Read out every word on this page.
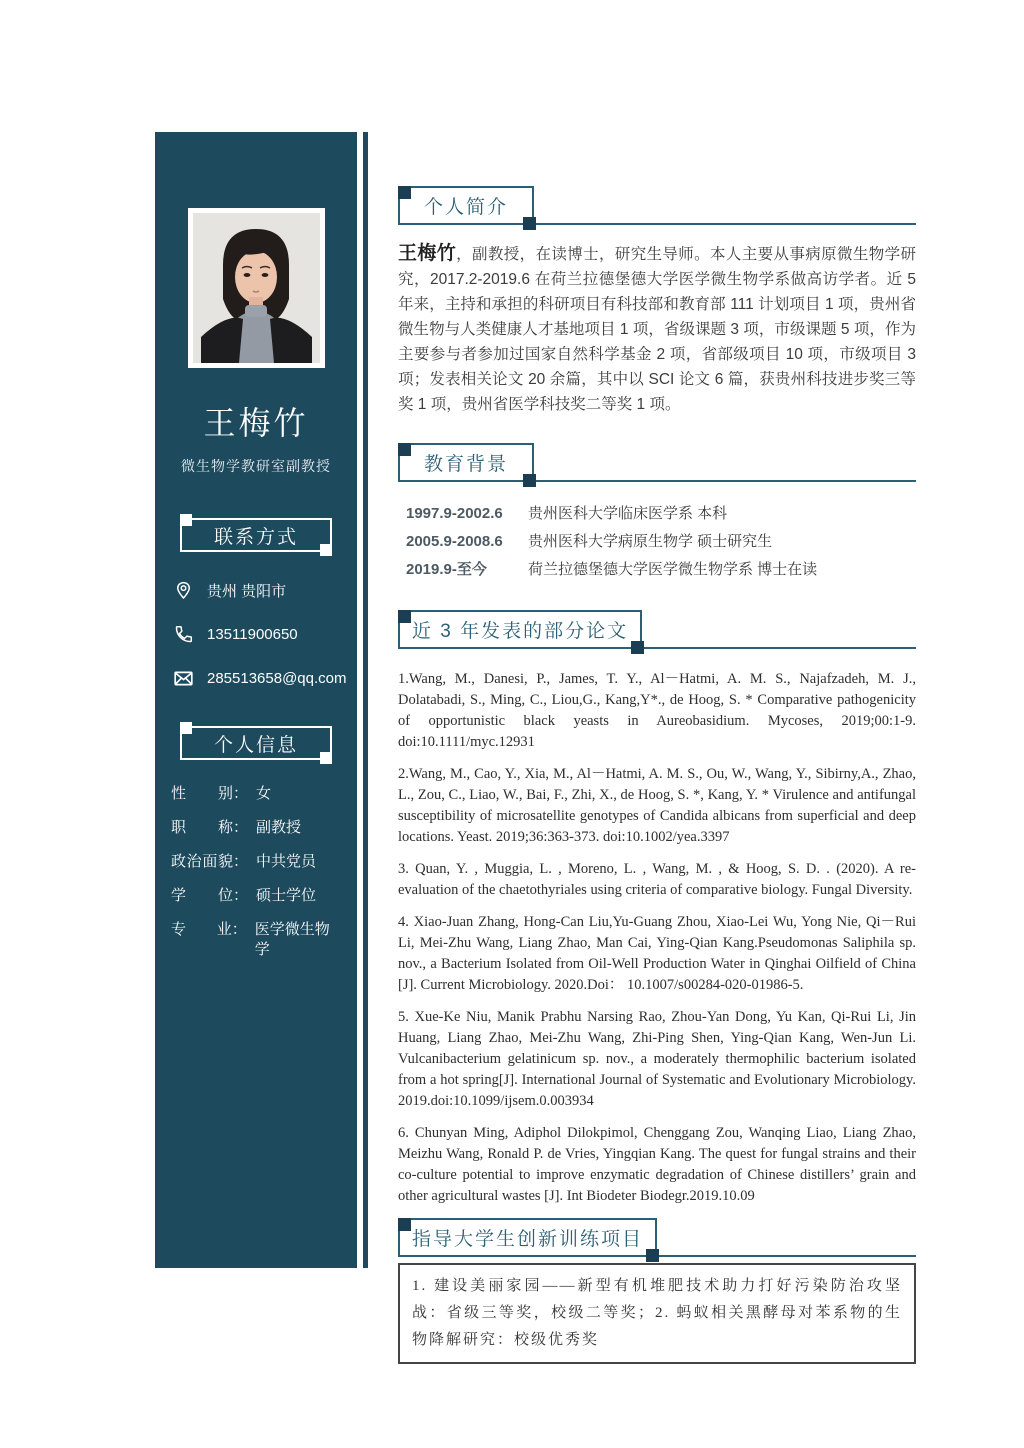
王梅竹
微生物学教研室副教授
联系方式
贵州 贵阳市
13511900650
285513658@qq.com
个人信息
性别 ： 女
职称 ： 副教授
政治面貌 ： 中共党员
学位 ： 硕士学位
专业 ： 医学微生物学
个人简介

王梅竹，副教授，在读博士，研究生导师。本人主要从事病原微生物学研究，2017.2-2019.6 在荷兰拉德堡德大学医学微生物学系做高访学者。近 5 年来，主持和承担的科研项目有科技部和教育部 111 计划项目 1 项，贵州省微生物与人类健康人才基地项目 1 项，省级课题 3 项，市级课题 5 项，作为主要参与者参加过国家自然科学基金 2 项，省部级项目 10 项，市级项目 3 项；发表相关论文 20 余篇，其中以 SCI 论文 6 篇，获贵州科技进步奖三等奖 1 项，贵州省医学科技奖二等奖 1 项。

教育背景
1997.9-2002.6	贵州医科大学临床医学系 本科
2005.9-2008.6	贵州医科大学病原生物学 硕士研究生
2019.9-至今	荷兰拉德堡德大学医学微生物学系 博士在读
近 3 年发表的部分论文

1.Wang, M., Danesi, P., James, T. Y., Al－Hatmi, A. M. S., Najafzadeh, M. J., Dolatabadi, S., Ming, C., Liou,G., Kang,Y*., de Hoog, S. * Comparative pathogenicity of opportunistic black yeasts in Aureobasidium. Mycoses, 2019;00:1-9. doi:10.1111/myc.12931

2.Wang, M., Cao, Y., Xia, M., Al－Hatmi, A. M. S., Ou, W., Wang, Y., Sibirny,A., Zhao, L., Zou, C., Liao, W., Bai, F., Zhi, X., de Hoog, S. *, Kang, Y. * Virulence and antifungal susceptibility of microsatellite genotypes of Candida albicans from superficial and deep locations. Yeast. 2019;36:363-373. doi:10.1002/yea.3397

3. Quan, Y. , Muggia, L. , Moreno, L. , Wang, M. , & Hoog, S. D. . (2020). A re-evaluation of the chaetothyriales using criteria of comparative biology. Fungal Diversity.

4. Xiao-Juan Zhang, Hong-Can Liu,Yu-Guang Zhou, Xiao-Lei Wu, Yong Nie, Qi－Rui Li, Mei-Zhu Wang, Liang Zhao, Man Cai, Ying-Qian Kang.Pseudomonas Saliphila sp. nov., a Bacterium Isolated from Oil-Well Production Water in Qinghai Oilfield of China [J]. Current Microbiology. 2020.Doi： 10.1007/s00284-020-01986-5.

5. Xue-Ke Niu, Manik Prabhu Narsing Rao, Zhou-Yan Dong, Yu Kan, Qi-Rui Li, Jin Huang, Liang Zhao, Mei-Zhu Wang, Zhi-Ping Shen, Ying-Qian Kang, Wen-Jun Li. Vulcanibacterium gelatinicum sp. nov., a moderately thermophilic bacterium isolated from a hot spring[J]. International Journal of Systematic and Evolutionary Microbiology. 2019.doi:10.1099/ijsem.0.003934

6. Chunyan Ming, Adiphol Dilokpimol, Chenggang Zou, Wanqing Liao, Liang Zhao, Meizhu Wang, Ronald P. de Vries, Yingqian Kang. The quest for fungal strains and their co-culture potential to improve enzymatic degradation of Chinese distillers’ grain and other agricultural wastes [J]. Int Biodeter Biodegr.2019.10.09

指导大学生创新训练项目
1. 建设美丽家园——新型有机堆肥技术助力打好污染防治攻坚战：省级三等奖，校级二等奖；2. 蚂蚁相关黑酵母对苯系物的生物降解研究：校级优秀奖
